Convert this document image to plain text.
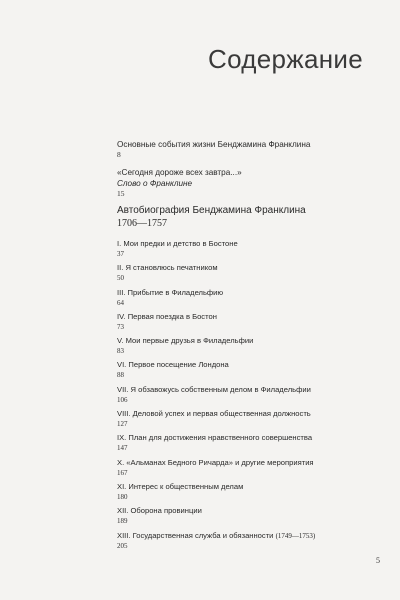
Содержание
Основные события жизни Бенджамина Франклина
8
«Сегодня дороже всех завтра...»
Слово о Франклине
15
Автобиография Бенджамина Франклина
1706—1757
I. Мои предки и детство в Бостоне
37
II. Я становлюсь печатником
50
III. Прибытие в Филадельфию
64
IV. Первая поездка в Бостон
73
V. Мои первые друзья в Филадельфии
83
VI. Первое посещение Лондона
88
VII. Я обзавожусь собственным делом в Филадельфии
106
VIII. Деловой успех и первая общественная должность
127
IX. План для достижения нравственного совершенства
147
X. «Альманах Бедного Ричарда» и другие мероприятия
167
XI. Интерес к общественным делам
180
XII. Оборона провинции
189
XIII. Государственная служба и обязанности (1749—1753)
205
5
